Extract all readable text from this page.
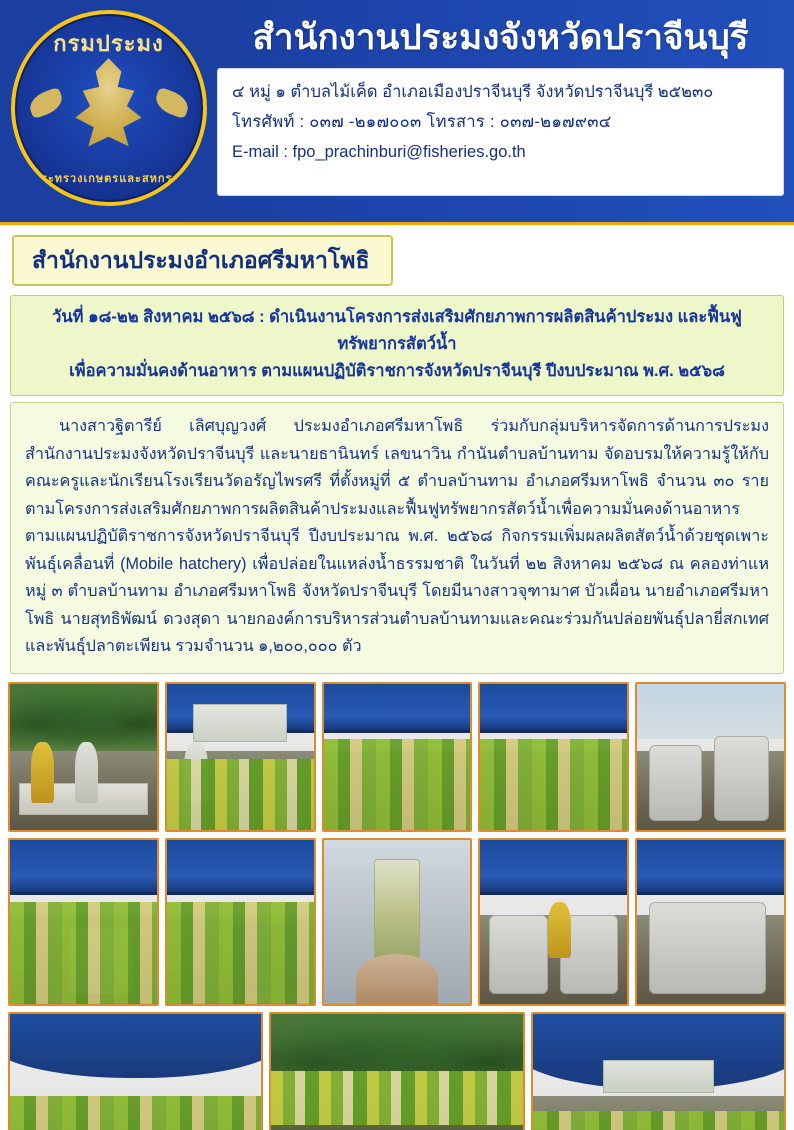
กรมประมง
กระทรวงเกษตรและสหกรณ์
สำนักงานประมงจังหวัดปราจีนบุรี
๔ หมู่ ๑ ตำบลไม้เค็ด อำเภอเมืองปราจีนบุรี จังหวัดปราจีนบุรี ๒๕๒๓๐
โทรศัพท์ : ๐๓๗ -๒๑๗๐๐๓ โทรสาร : ๐๓๗-๒๑๗๙๓๔
E-mail : fpo_prachinburi@fisheries.go.th
สำนักงานประมงอำเภอศรีมหาโพธิ
วันที่ ๑๘-๒๒ สิงหาคม ๒๕๖๘ : ดำเนินงานโครงการส่งเสริมศักยภาพการผลิตสินค้าประมง และฟื้นฟูทรัพยากรสัตว์น้ำ
เพื่อความมั่นคงด้านอาหาร ตามแผนปฏิบัติราชการจังหวัดปราจีนบุรี ปีงบประมาณ พ.ศ. ๒๕๖๘

นางสาวฐิตารีย์ เลิศบุญวงศ์ ประมงอำเภอศรีมหาโพธิ ร่วมกับกลุ่มบริหารจัดการด้านการประมง สำนักงานประมงจังหวัดปราจีนบุรี และนายธานินทร์ เลขนาวิน กำนันตำบลบ้านทาม จัดอบรมให้ความรู้ให้กับคณะครูและนักเรียนโรงเรียนวัดอรัญไพรศรี ที่ตั้งหมู่ที่ ๕ ตำบลบ้านทาม อำเภอศรีมหาโพธิ จำนวน ๓๐ ราย ตามโครงการส่งเสริมศักยภาพการผลิตสินค้าประมงและฟื้นฟูทรัพยากรสัตว์น้ำเพื่อความมั่นคงด้านอาหาร ตามแผนปฏิบัติราชการจังหวัดปราจีนบุรี ปีงบประมาณ พ.ศ. ๒๕๖๘ กิจกรรมเพิ่มผลผลิตสัตว์น้ำด้วยชุดเพาะพันธุ์เคลื่อนที่ (Mobile hatchery) เพื่อปล่อยในแหล่งน้ำธรรมชาติ ในวันที่ ๒๒ สิงหาคม ๒๕๖๘ ณ คลองท่าแห หมู่ ๓ ตำบลบ้านทาม อำเภอศรีมหาโพธิ จังหวัดปราจีนบุรี โดยมีนางสาวจุฑามาศ บัวเผื่อน นายอำเภอศรีมหาโพธิ นายสุทธิพัฒน์ ดวงสุดา นายกองค์การบริหารส่วนตำบลบ้านทามและคณะร่วมกันปล่อยพันธุ์ปลายี่สกเทศ และพันธุ์ปลาตะเพียน รวมจำนวน ๑,๒๐๐,๐๐๐ ตัว
